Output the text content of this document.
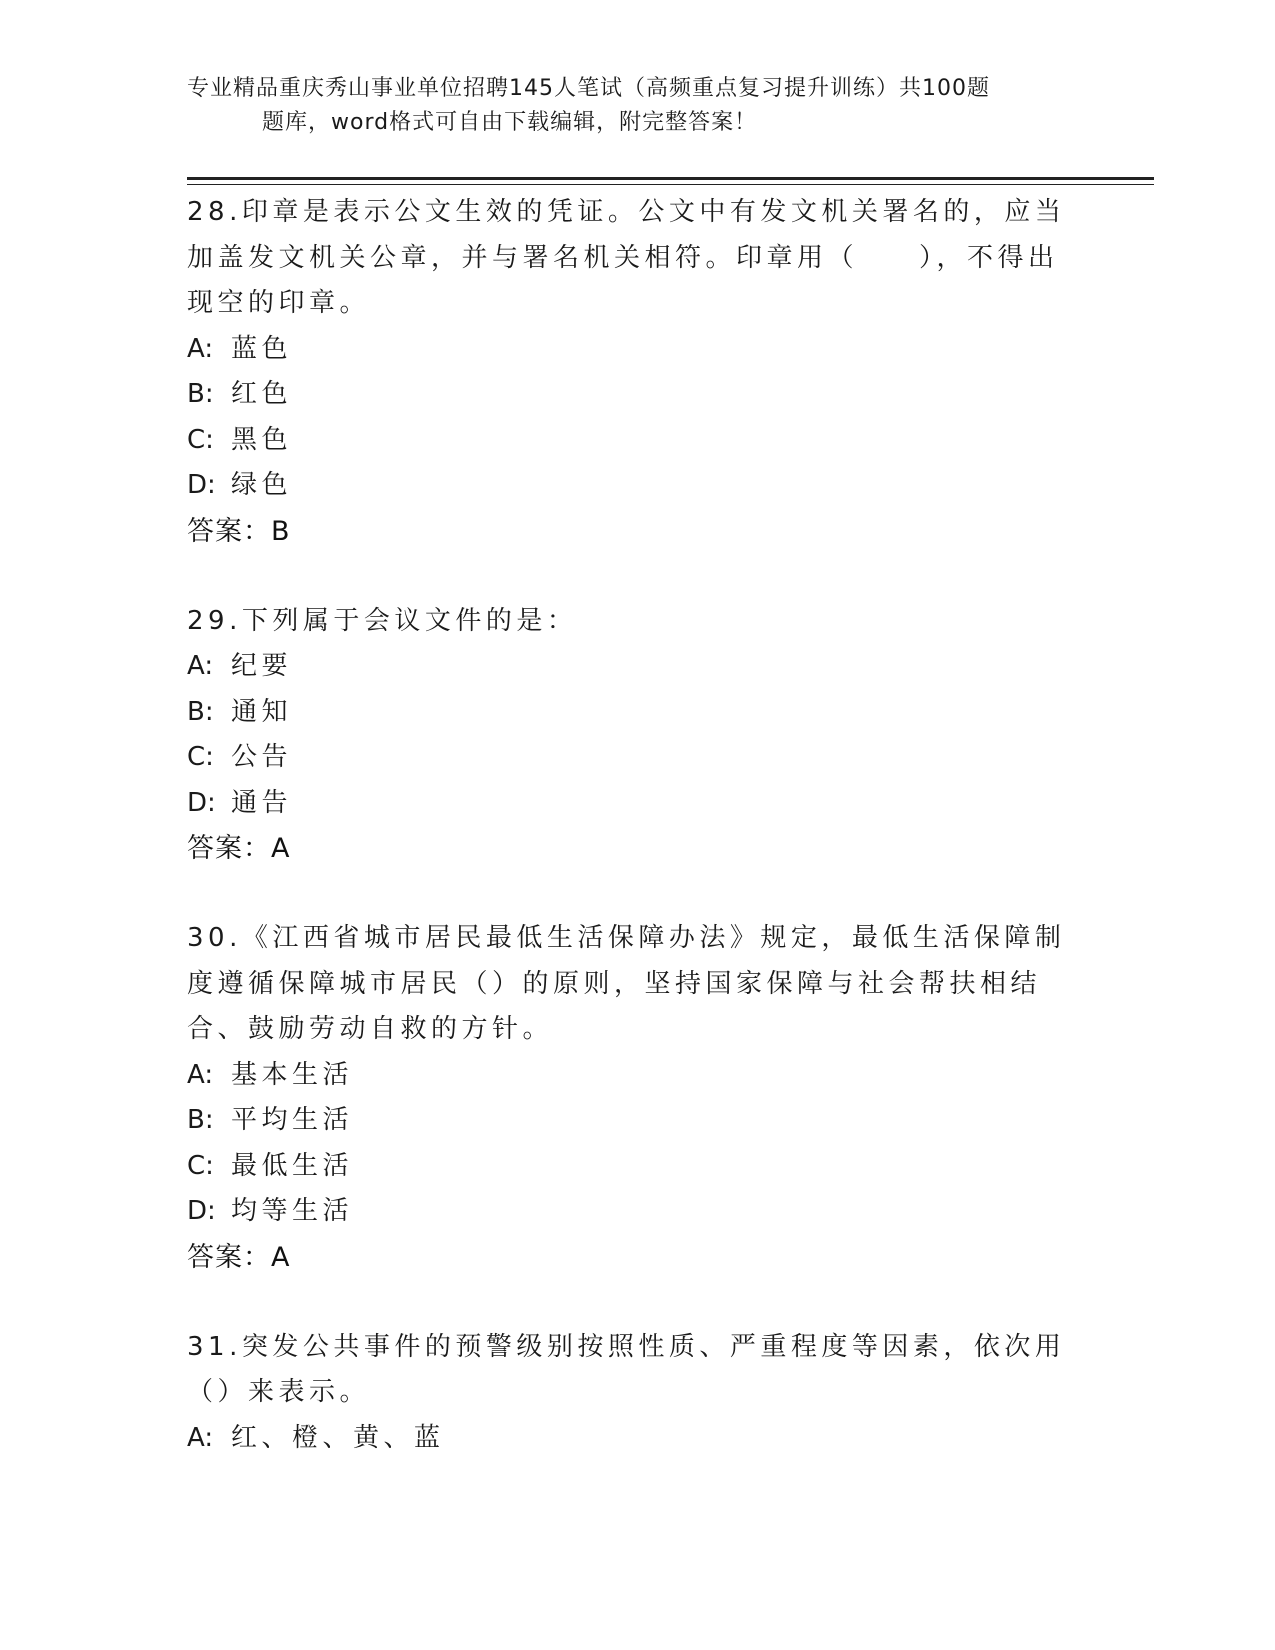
专业精品重庆秀山事业单位招聘145人笔试（高频重点复习提升训练）共100题
题库，word格式可自由下载编辑，附完整答案！
28.印章是表示公文生效的凭证。公文中有发文机关署名的，应当加盖发文机关公章，并与署名机关相符。印章用（　　），不得出现空的印章。
A: 蓝色
B: 红色
C: 黑色
D: 绿色
答案：B
29.下列属于会议文件的是：
A: 纪要
B: 通知
C: 公告
D: 通告
答案：A
30.《江西省城市居民最低生活保障办法》规定，最低生活保障制度遵循保障城市居民（）的原则，坚持国家保障与社会帮扶相结合、鼓励劳动自救的方针。
A: 基本生活
B: 平均生活
C: 最低生活
D: 均等生活
答案：A
31.突发公共事件的预警级别按照性质、严重程度等因素，依次用（）来表示。
A: 红、橙、黄、蓝
